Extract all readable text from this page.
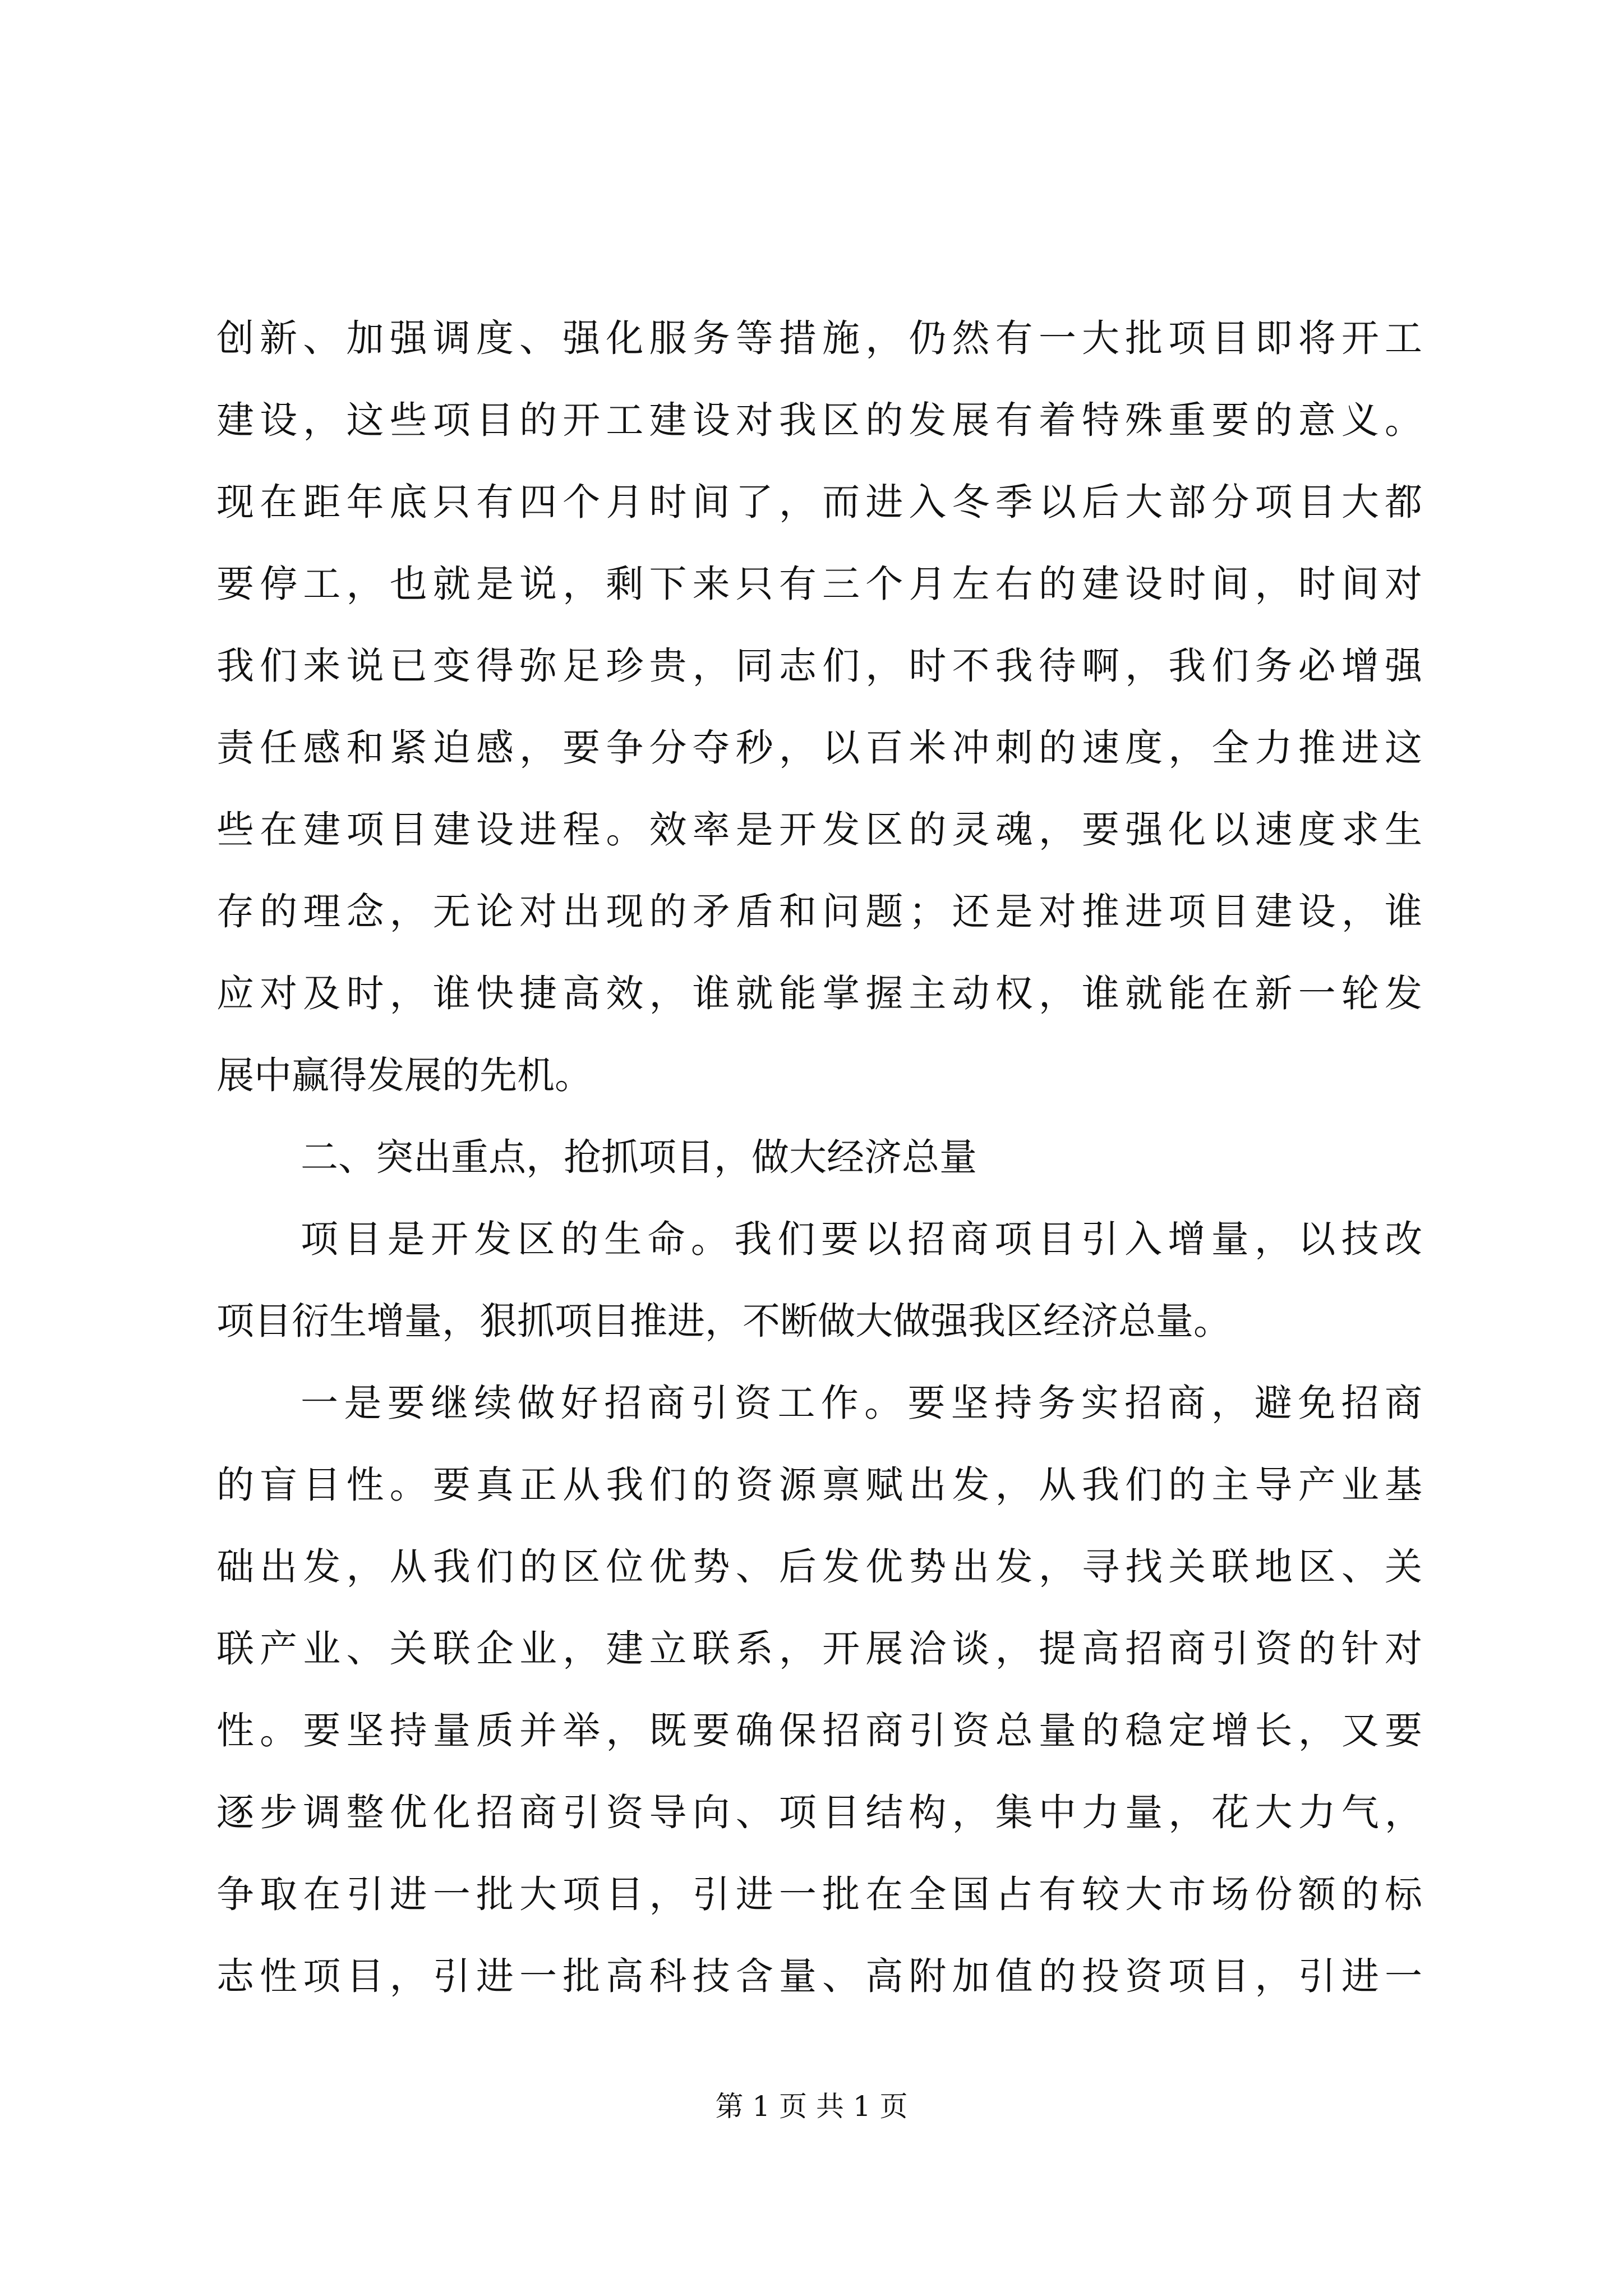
创新、加强调度、强化服务等措施，仍然有一大批项目即将开工
建设，这些项目的开工建设对我区的发展有着特殊重要的意义。
现在距年底只有四个月时间了，而进入冬季以后大部分项目大都
要停工，也就是说，剩下来只有三个月左右的建设时间，时间对
我们来说已变得弥足珍贵，同志们，时不我待啊，我们务必增强
责任感和紧迫感，要争分夺秒，以百米冲刺的速度，全力推进这
些在建项目建设进程。效率是开发区的灵魂，要强化以速度求生
存的理念，无论对出现的矛盾和问题；还是对推进项目建设，谁
应对及时，谁快捷高效，谁就能掌握主动权，谁就能在新一轮发
展中赢得发展的先机。
二、突出重点，抢抓项目，做大经济总量
项目是开发区的生命。我们要以招商项目引入增量，以技改
项目衍生增量，狠抓项目推进，不断做大做强我区经济总量。
一是要继续做好招商引资工作。要坚持务实招商，避免招商
的盲目性。要真正从我们的资源禀赋出发，从我们的主导产业基
础出发，从我们的区位优势、后发优势出发，寻找关联地区、关
联产业、关联企业，建立联系，开展洽谈，提高招商引资的针对
性。要坚持量质并举，既要确保招商引资总量的稳定增长，又要
逐步调整优化招商引资导向、项目结构，集中力量，花大力气，
争取在引进一批大项目，引进一批在全国占有较大市场份额的标
志性项目，引进一批高科技含量、高附加值的投资项目，引进一
第 1 页 共 1 页
